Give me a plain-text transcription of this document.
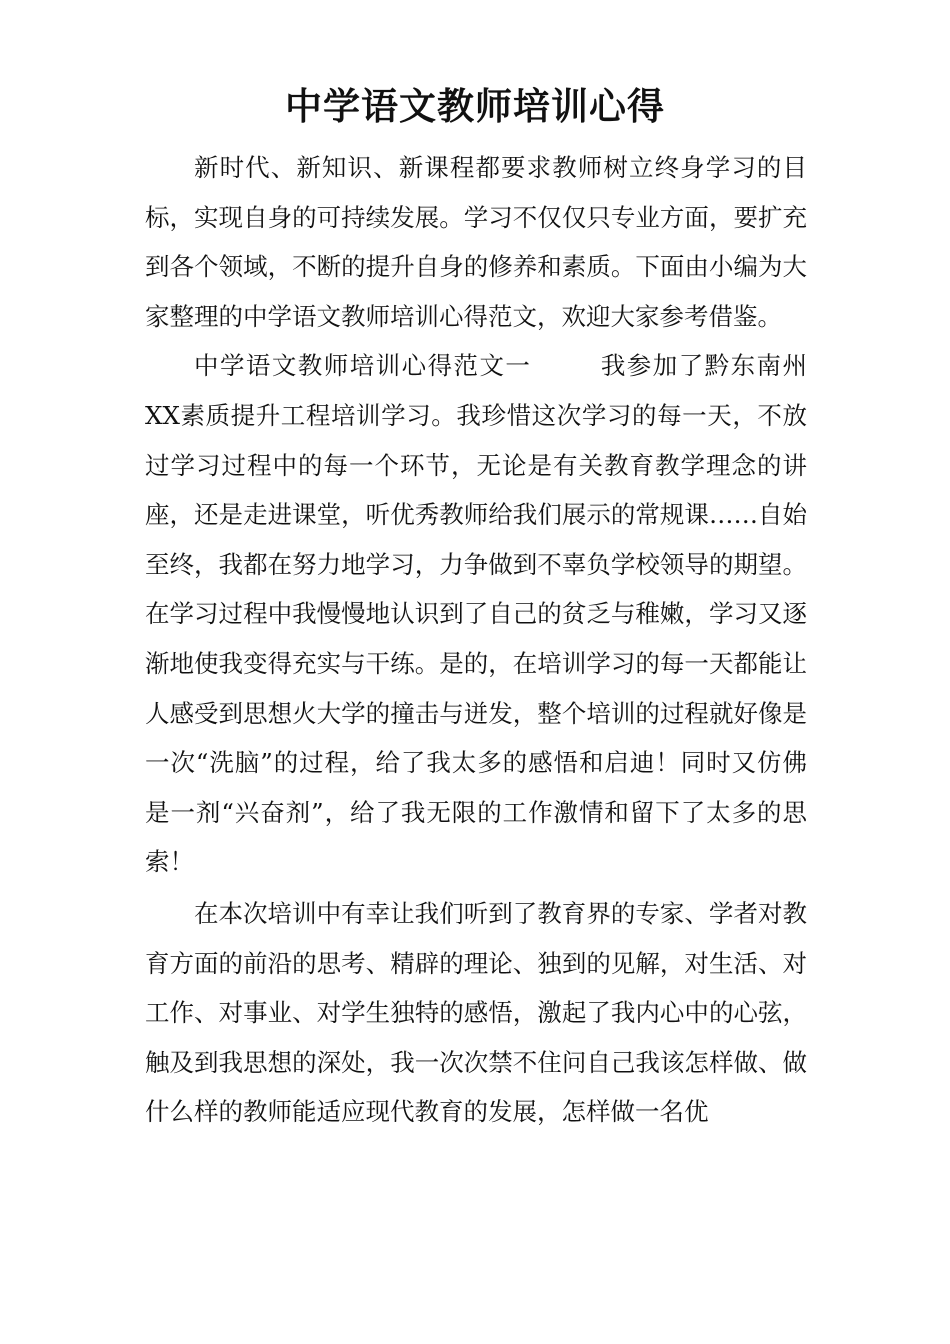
中学语文教师培训心得

新时代、新知识、新课程都要求教师树立终身学习的目标，实现自身的可持续发展。学习不仅仅只专业方面，要扩充到各个领域，不断的提升自身的修养和素质。下面由小编为大家整理的中学语文教师培训心得范文，欢迎大家参考借鉴。

中学语文教师培训心得范文一	我参加了黔东南州XX素质提升工程培训学习。我珍惜这次学习的每一天，不放过学习过程中的每一个环节，无论是有关教育教学理念的讲座，还是走进课堂，听优秀教师给我们展示的常规课……自始至终，我都在努力地学习，力争做到不辜负学校领导的期望。在学习过程中我慢慢地认识到了自己的贫乏与稚嫩，学习又逐渐地使我变得充实与干练。是的，在培训学习的每一天都能让人感受到思想火大学的撞击与迸发，整个培训的过程就好像是一次“洗脑”的过程，给了我太多的感悟和启迪！同时又仿佛是一剂“兴奋剂”，给了我无限的工作激情和留下了太多的思索！

在本次培训中有幸让我们听到了教育界的专家、学者对教育方面的前沿的思考、精辟的理论、独到的见解，对生活、对工作、对事业、对学生独特的感悟，激起了我内心中的心弦，触及到我思想的深处，我一次次禁不住问自己我该怎样做、做什么样的教师能适应现代教育的发展，怎样做一名优
